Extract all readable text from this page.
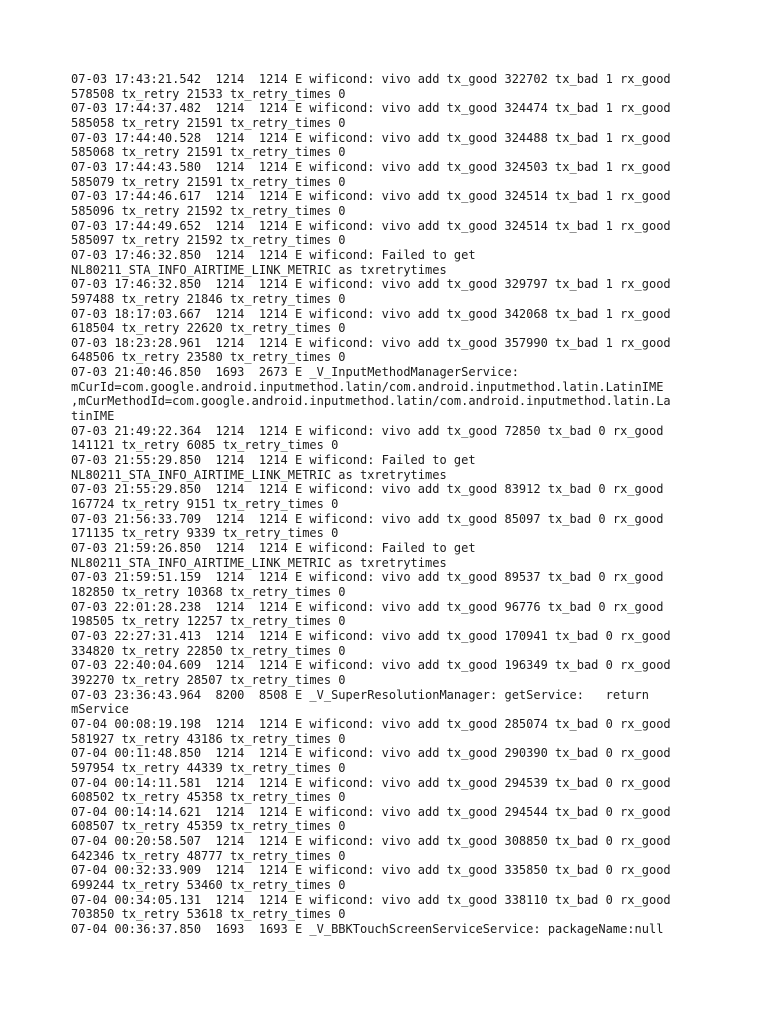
07-03 17:43:21.542  1214  1214 E wificond: vivo add tx_good 322702 tx_bad 1 rx_good

578508 tx_retry 21533 tx_retry_times 0

07-03 17:44:37.482  1214  1214 E wificond: vivo add tx_good 324474 tx_bad 1 rx_good

585058 tx_retry 21591 tx_retry_times 0

07-03 17:44:40.528  1214  1214 E wificond: vivo add tx_good 324488 tx_bad 1 rx_good

585068 tx_retry 21591 tx_retry_times 0

07-03 17:44:43.580  1214  1214 E wificond: vivo add tx_good 324503 tx_bad 1 rx_good

585079 tx_retry 21591 tx_retry_times 0

07-03 17:44:46.617  1214  1214 E wificond: vivo add tx_good 324514 tx_bad 1 rx_good

585096 tx_retry 21592 tx_retry_times 0

07-03 17:44:49.652  1214  1214 E wificond: vivo add tx_good 324514 tx_bad 1 rx_good

585097 tx_retry 21592 tx_retry_times 0

07-03 17:46:32.850  1214  1214 E wificond: Failed to get

NL80211_STA_INFO_AIRTIME_LINK_METRIC as txretrytimes

07-03 17:46:32.850  1214  1214 E wificond: vivo add tx_good 329797 tx_bad 1 rx_good

597488 tx_retry 21846 tx_retry_times 0

07-03 18:17:03.667  1214  1214 E wificond: vivo add tx_good 342068 tx_bad 1 rx_good

618504 tx_retry 22620 tx_retry_times 0

07-03 18:23:28.961  1214  1214 E wificond: vivo add tx_good 357990 tx_bad 1 rx_good

648506 tx_retry 23580 tx_retry_times 0

07-03 21:40:46.850  1693  2673 E _V_InputMethodManagerService:

mCurId=com.google.android.inputmethod.latin/com.android.inputmethod.latin.LatinIME

,mCurMethodId=com.google.android.inputmethod.latin/com.android.inputmethod.latin.La

tinIME

07-03 21:49:22.364  1214  1214 E wificond: vivo add tx_good 72850 tx_bad 0 rx_good

141121 tx_retry 6085 tx_retry_times 0

07-03 21:55:29.850  1214  1214 E wificond: Failed to get

NL80211_STA_INFO_AIRTIME_LINK_METRIC as txretrytimes

07-03 21:55:29.850  1214  1214 E wificond: vivo add tx_good 83912 tx_bad 0 rx_good

167724 tx_retry 9151 tx_retry_times 0

07-03 21:56:33.709  1214  1214 E wificond: vivo add tx_good 85097 tx_bad 0 rx_good

171135 tx_retry 9339 tx_retry_times 0

07-03 21:59:26.850  1214  1214 E wificond: Failed to get

NL80211_STA_INFO_AIRTIME_LINK_METRIC as txretrytimes

07-03 21:59:51.159  1214  1214 E wificond: vivo add tx_good 89537 tx_bad 0 rx_good

182850 tx_retry 10368 tx_retry_times 0

07-03 22:01:28.238  1214  1214 E wificond: vivo add tx_good 96776 tx_bad 0 rx_good

198505 tx_retry 12257 tx_retry_times 0

07-03 22:27:31.413  1214  1214 E wificond: vivo add tx_good 170941 tx_bad 0 rx_good

334820 tx_retry 22850 tx_retry_times 0

07-03 22:40:04.609  1214  1214 E wificond: vivo add tx_good 196349 tx_bad 0 rx_good

392270 tx_retry 28507 tx_retry_times 0

07-03 23:36:43.964  8200  8508 E _V_SuperResolutionManager: getService:   return

mService

07-04 00:08:19.198  1214  1214 E wificond: vivo add tx_good 285074 tx_bad 0 rx_good

581927 tx_retry 43186 tx_retry_times 0

07-04 00:11:48.850  1214  1214 E wificond: vivo add tx_good 290390 tx_bad 0 rx_good

597954 tx_retry 44339 tx_retry_times 0

07-04 00:14:11.581  1214  1214 E wificond: vivo add tx_good 294539 tx_bad 0 rx_good

608502 tx_retry 45358 tx_retry_times 0

07-04 00:14:14.621  1214  1214 E wificond: vivo add tx_good 294544 tx_bad 0 rx_good

608507 tx_retry 45359 tx_retry_times 0

07-04 00:20:58.507  1214  1214 E wificond: vivo add tx_good 308850 tx_bad 0 rx_good

642346 tx_retry 48777 tx_retry_times 0

07-04 00:32:33.909  1214  1214 E wificond: vivo add tx_good 335850 tx_bad 0 rx_good

699244 tx_retry 53460 tx_retry_times 0

07-04 00:34:05.131  1214  1214 E wificond: vivo add tx_good 338110 tx_bad 0 rx_good

703850 tx_retry 53618 tx_retry_times 0

07-04 00:36:37.850  1693  1693 E _V_BBKTouchScreenServiceService: packageName:null
